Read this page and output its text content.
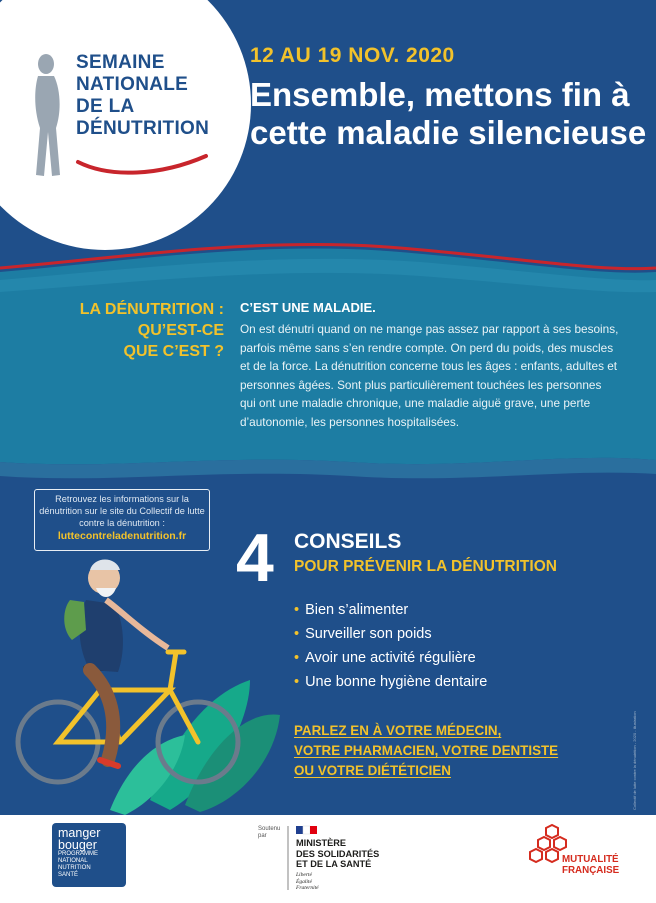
SEMAINE
NATIONALE
DE LA
DÉNUTRITION
12 AU 19 NOV. 2020
Ensemble, mettons fin à cette maladie silencieuse
LA DÉNUTRITION :
QU’EST-CE
QUE C’EST ?
C’EST UNE MALADIE.
On est dénutri quand on ne mange pas assez par rapport à ses besoins, parfois même sans s’en rendre compte. On perd du poids, des muscles et de la force. La dénutrition concerne tous les âges : enfants, adultes et personnes âgées. Sont plus particulièrement touchées les personnes qui ont une maladie chronique, une maladie aiguë grave, une perte d’autonomie, les personnes hospitalisées.
Retrouvez les informations sur la dénutrition sur le site du Collectif de lutte contre la dénutrition :
luttecontreladenutrition.fr 4 CONSEILS
POUR PRÉVENIR LA DÉNUTRITION
• Bien s’alimenter
• Surveiller son poids
• Avoir une activité régulière
• Une bonne hygiène dentaire
PARLEZ EN À VOTRE MÉDECIN,
VOTRE PHARMACIEN, VOTRE DENTISTE
OU VOTRE DIÉTÉTICIEN	Collectif de lutte contre la dénutrition - 2020 - illustration
manger
bouger
PROGRAMME
NATIONAL
NUTRITION
SANTÉ
Soutenu
par
MINISTÈRE
DES SOLIDARITÉS
ET DE LA SANTÉ
Liberté
Égalité
Fraternité
MUTUALITÉ
FRANÇAISE
